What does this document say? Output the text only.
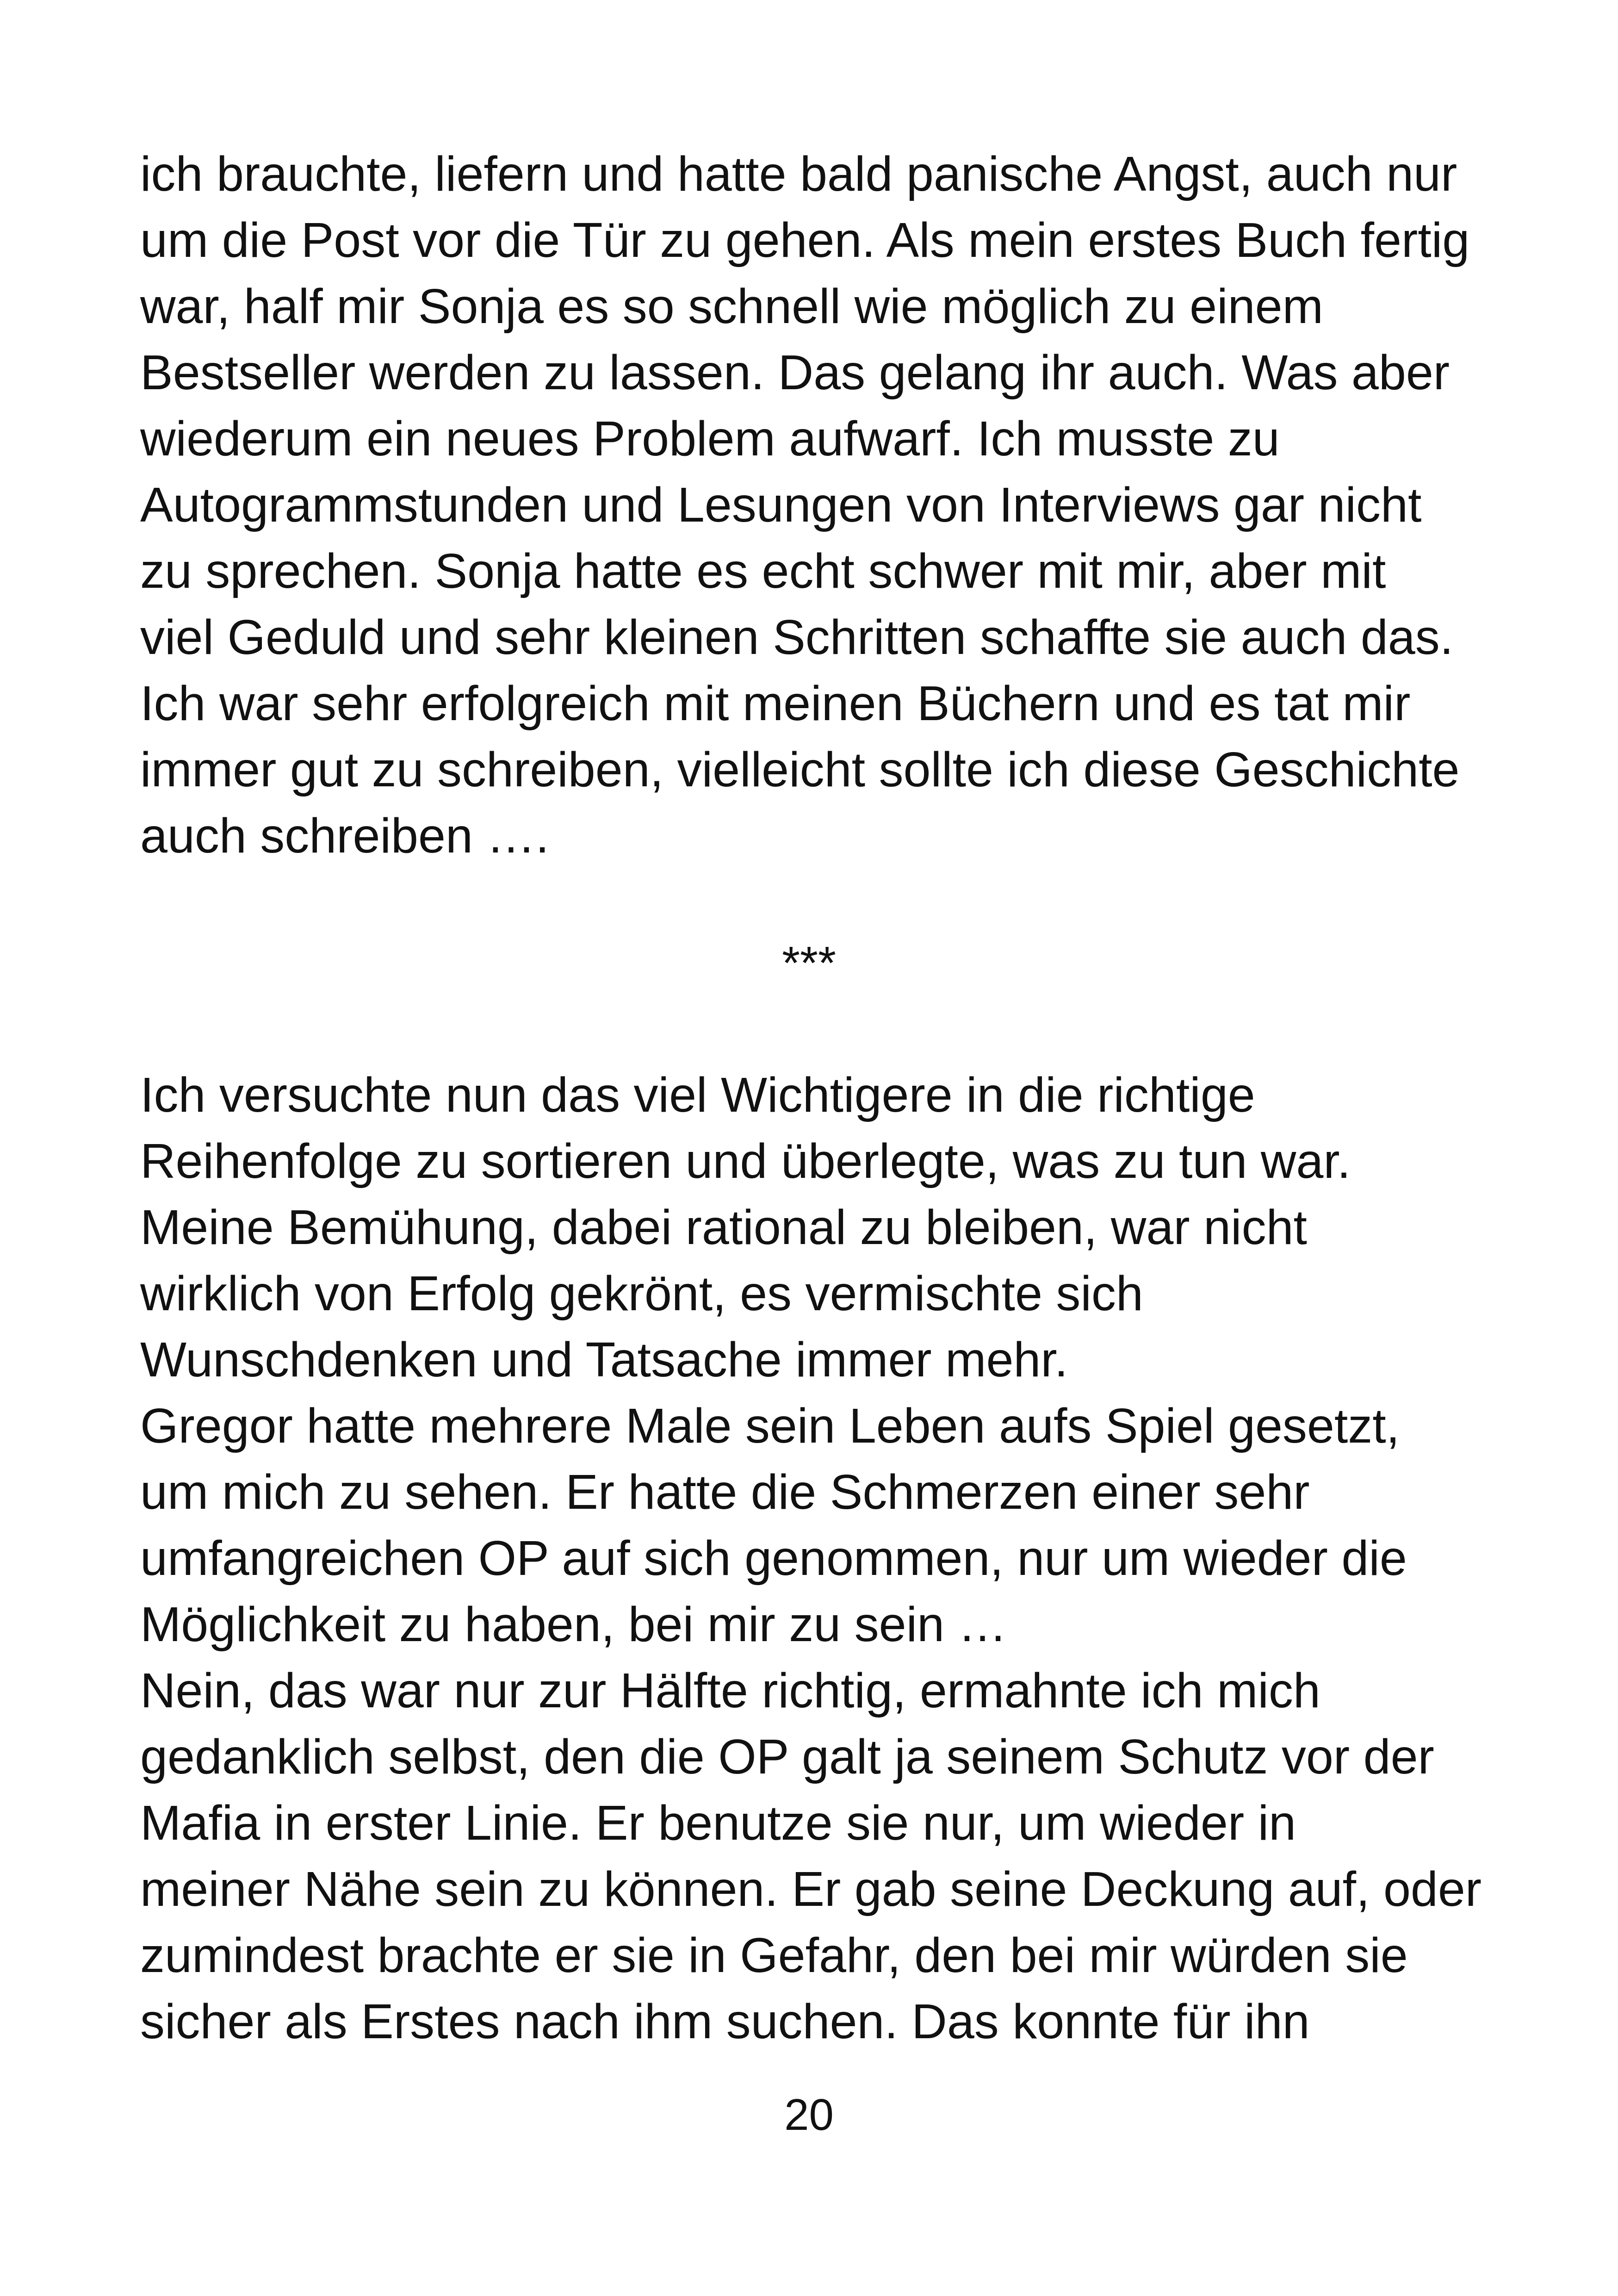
ich brauchte, liefern und hatte bald panische Angst, auch nur
um die Post vor die Tür zu gehen. Als mein erstes Buch fertig
war, half mir Sonja es so schnell wie möglich zu einem
Bestseller werden zu lassen. Das gelang ihr auch. Was aber
wiederum ein neues Problem aufwarf. Ich musste zu
Autogrammstunden und Lesungen von Interviews gar nicht
zu sprechen. Sonja hatte es echt schwer mit mir, aber mit
viel Geduld und sehr kleinen Schritten schaffte sie auch das.
Ich war sehr erfolgreich mit meinen Büchern und es tat mir
immer gut zu schreiben, vielleicht sollte ich diese Geschichte
auch schreiben ….
***
Ich versuchte nun das viel Wichtigere in die richtige
Reihenfolge zu sortieren und überlegte, was zu tun war.
Meine Bemühung, dabei rational zu bleiben, war nicht
wirklich von Erfolg gekrönt, es vermischte sich
Wunschdenken und Tatsache immer mehr.
Gregor hatte mehrere Male sein Leben aufs Spiel gesetzt,
um mich zu sehen. Er hatte die Schmerzen einer sehr
umfangreichen OP auf sich genommen, nur um wieder die
Möglichkeit zu haben, bei mir zu sein …
Nein, das war nur zur Hälfte richtig, ermahnte ich mich
gedanklich selbst, den die OP galt ja seinem Schutz vor der
Mafia in erster Linie. Er benutze sie nur, um wieder in
meiner Nähe sein zu können. Er gab seine Deckung auf, oder
zumindest brachte er sie in Gefahr, den bei mir würden sie
sicher als Erstes nach ihm suchen. Das konnte für ihn
20
